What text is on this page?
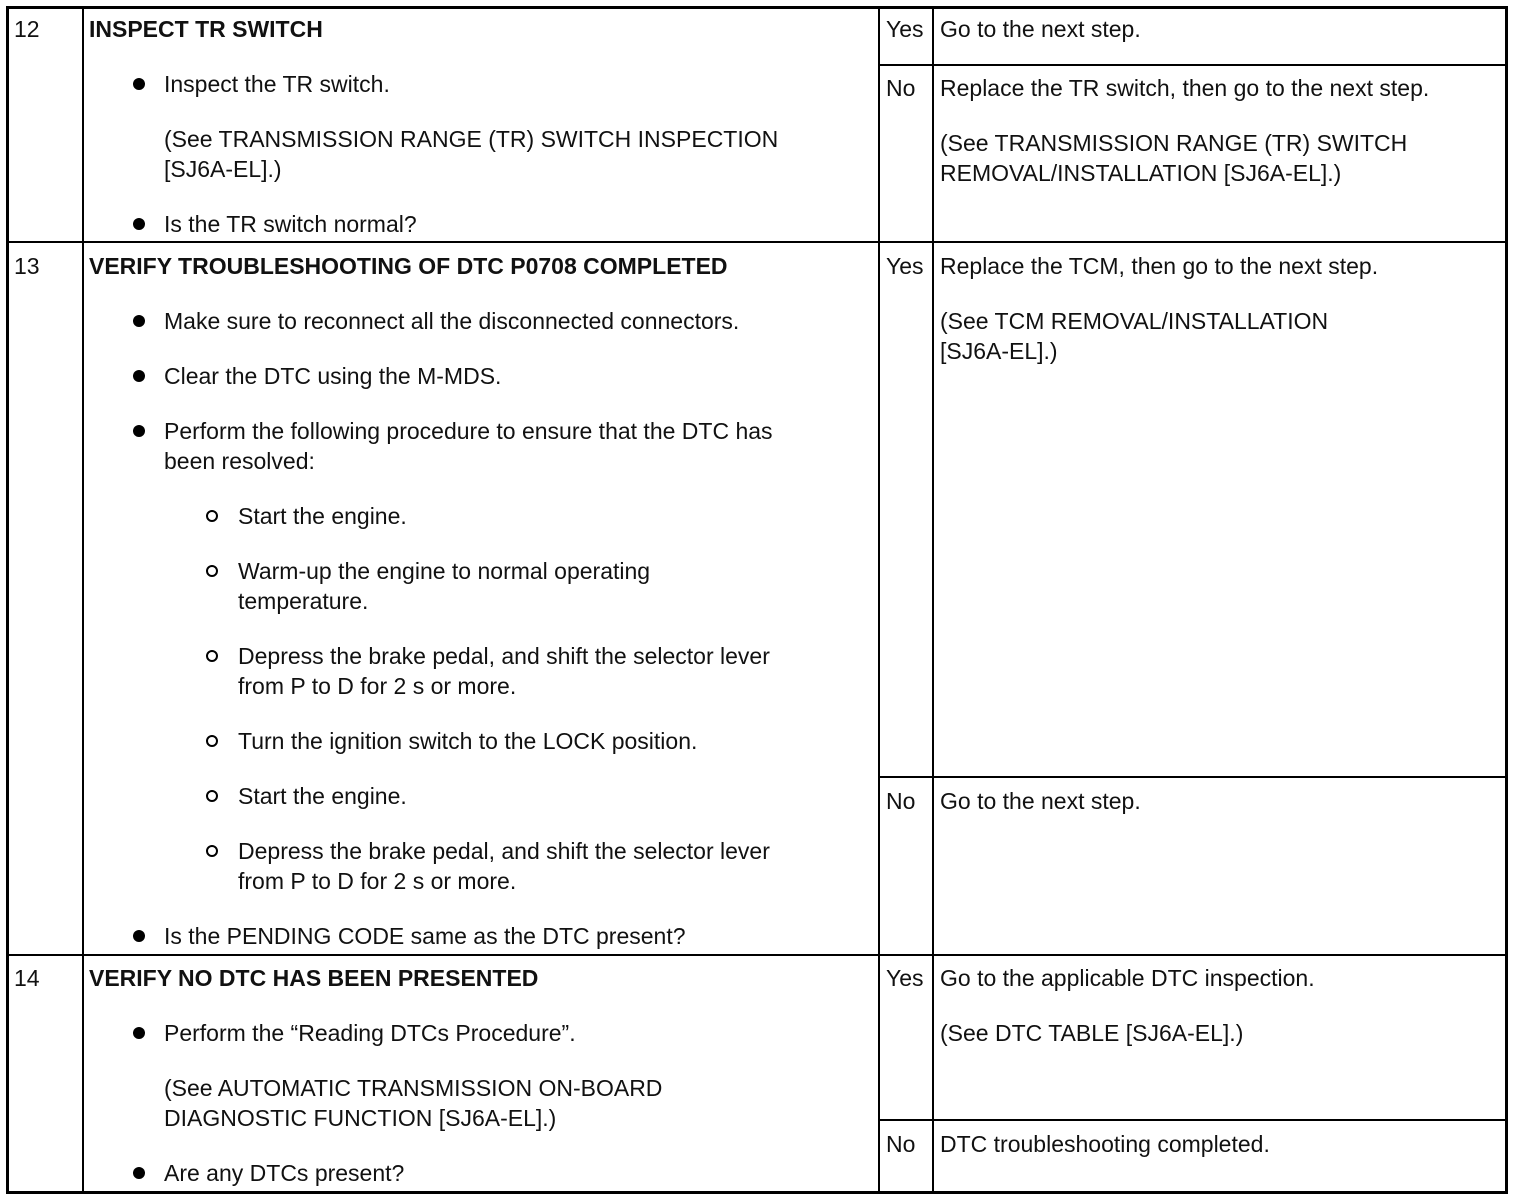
12 INSPECT TR SWITCH
Inspect the TR switch.
(See TRANSMISSION RANGE (TR) SWITCH INSPECTION
[SJ6A-EL].)
Is the TR switch normal?
Yes Go to the next step.
No Replace the TR switch, then go to the next step.
(See TRANSMISSION RANGE (TR) SWITCH
REMOVAL/INSTALLATION [SJ6A-EL].)
13 VERIFY TROUBLESHOOTING OF DTC P0708 COMPLETED
Make sure to reconnect all the disconnected connectors.
Clear the DTC using the M-MDS.
Perform the following procedure to ensure that the DTC has
been resolved:
Start the engine.
Warm-up the engine to normal operating
temperature.
Depress the brake pedal, and shift the selector lever
from P to D for 2 s or more.
Turn the ignition switch to the LOCK position.
Start the engine.
Depress the brake pedal, and shift the selector lever
from P to D for 2 s or more.
Is the PENDING CODE same as the DTC present?
Yes Replace the TCM, then go to the next step.
(See TCM REMOVAL/INSTALLATION
[SJ6A-EL].)
No Go to the next step.
14 VERIFY NO DTC HAS BEEN PRESENTED
Perform the “Reading DTCs Procedure”.
(See AUTOMATIC TRANSMISSION ON-BOARD
DIAGNOSTIC FUNCTION [SJ6A-EL].)
Are any DTCs present?
Yes Go to the applicable DTC inspection.
(See DTC TABLE [SJ6A-EL].)
No DTC troubleshooting completed.
